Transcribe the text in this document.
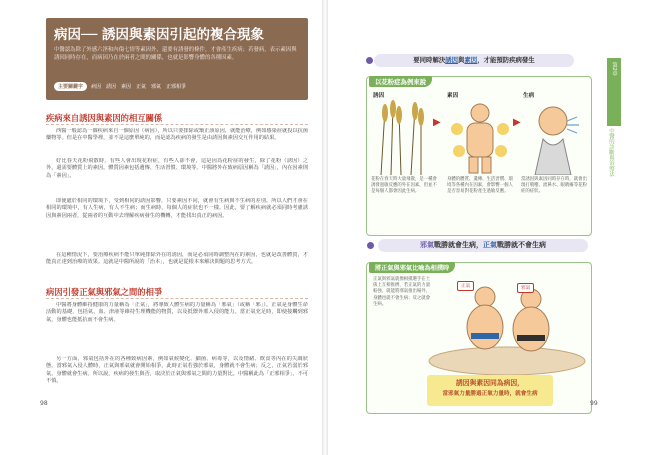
病因── 誘因與素因引起的複合現象
中醫認為除了外感六淫和內傷七情等素因外，還要有誘發的條件，才會產生疾病；若發病，表示素因與誘因同時存在，而病因乃在於兩者之間的關係，也就是影響身體的各種因素。
主要關鍵字	病因　誘因　素因　正氣　邪氣　正邪相爭
疾病來自誘因與素因的相互關係
西醫一般認為一個疾病來自一個原因（病因），所以只要排除或矯正該原因，就能治療，例如感染症就投以抗菌藥物等。但是在中醫學裡，並不是這麼單純的，而是認為疾病的發生是由誘因與素因交互作用的結果。
好比春天花粉飛散時，有些人會出現花粉症，有些人卻不會，這是因為花粉症的發生，除了花粉（誘因）之外，還需要體質上的素因。體質因素包括遺傳、生活習慣、環境等。中醫將外在致病原因稱為「誘因」，內在因素則為「素因」。
即使處於相同的環境下，受到相同的誘因影響，只要素因不同，就會有生病與不生病的差別。所以人們才會在相同的環境中，有人生病，有人不生病；而生病時，每個人的症狀也不一樣。因此，要了解疾病就必須同時考慮誘因與素因兩者，從兩者的互動中去理解疾病發生的機轉，才能找出真正的病因。
在這種情況下，要治療疾病不能只單純排除外在的誘因，而是必須同時調整內在的素因，也就是改善體質，才能真正達到治療的效果。這就是中醫所說的「治本」，也就是從根本來解決問題的思考方式。
病因引發正氣與邪氣之間的相爭
中醫將身體維持健康的力量稱為「正氣」，將導致人體生病的力量稱為「邪氣」（或稱「邪」）。正氣是身體生命活動的基礎，包括氣、血、津液等維持生理機能的物質，以及抵禦外邪入侵的能力。當正氣充足時，即使接觸到邪氣，身體也能抵抗而不會生病。
另一方面，邪氣包括外在的各種致病因素，例如氣候變化、細菌、病毒等，以及情緒、飲食等內在的失調狀態。當邪氣入侵人體時，正氣與邪氣就會開始相爭，此時正氣若強於邪氣，身體就不會生病；反之，正氣若弱於邪氣，身體就會生病。所以說，疾病的發生與否，取決於正氣與邪氣之間的力量對比。中醫稱此為「正邪相爭」，不可不慎。
98
要同時解決誘因與素因，才能預防疾病發生
以花粉症為例來說
誘因	素因	生病
▶	▶
花粉在春天時大量飛散，是一種會誘發過敏反應的外在因素，但並不是每個人都會因此生病。
身體的體質、遺傳、生活習慣、環境等各種內在因素，會影響一個人是否容易對花粉產生過敏反應。
當誘因與素因同時存在時，就會出現打噴嚏、流鼻水、眼睛癢等花粉症的症狀。
邪氣戰勝就會生病，正氣戰勝就不會生病
將正氣與邪氣比喻為相撲時
正氣與邪氣就像相撲選手在土俵上互相推擠，若正氣的力量較強，就能將邪氣推出場外，身體也就不會生病；反之就會生病。
正氣	邪氣
誘因與素因同為病因，
當邪氣力量勝過正氣力量時，就會生病
99
第2章
中醫的診斷與治療法
